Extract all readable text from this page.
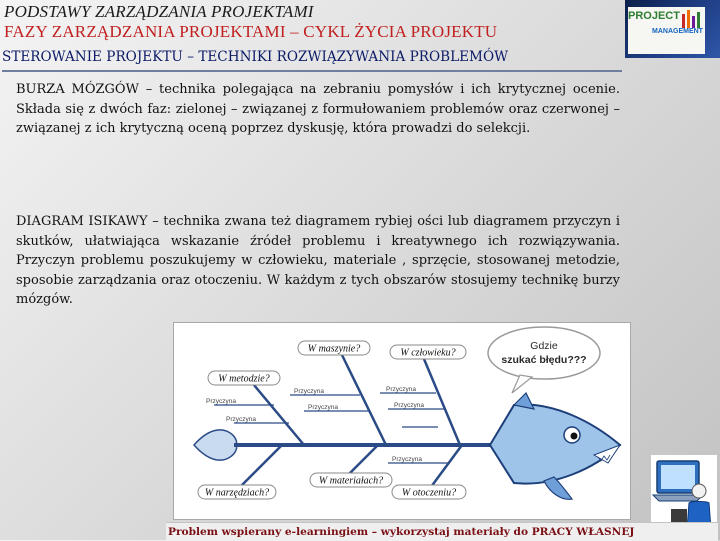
PODSTAWY ZARZĄDZANIA PROJEKTAMI
FAZY ZARZĄDZANIA PROJEKTAMI – CYKL ŻYCIA PROJEKTU
PROJECT
MANAGEMENT
STEROWANIE PROJEKTU – TECHNIKI ROZWIĄZYWANIA PROBLEMÓW

BURZA MÓZGÓW – technika polegająca na zebraniu pomysłów i ich krytycznej ocenie. Składa się z dwóch faz: zielonej – związanej z formułowaniem problemów oraz czerwonej – związanej z ich krytyczną oceną poprzez dyskusję, która prowadzi do selekcji.

DIAGRAM ISIKAWY – technika zwana też diagramem rybiej ości lub diagramem przyczyn i skutków, ułatwiająca wskazanie źródeł problemu i kreatywnego ich rozwiązywania. Przyczyn problemu poszukujemy w człowieku, materiale , sprzęcie, stosowanej metodzie, sposobie zarządzania oraz otoczeniu. W każdym z tych obszarów stosujemy technikę burzy mózgów.

Gdzie
szukać błędu???
Przyczyna
Przyczyna
Przyczyna
Przyczyna
Przyczyna
Przyczyna
Przyczyna
W metodzie?
W maszynie?	W człowieku?
W narzędziach?
W materiałach?
W otoczeniu?

Problem wspierany e-learningiem – wykorzystaj materiały do PRACY WŁASNEJ
